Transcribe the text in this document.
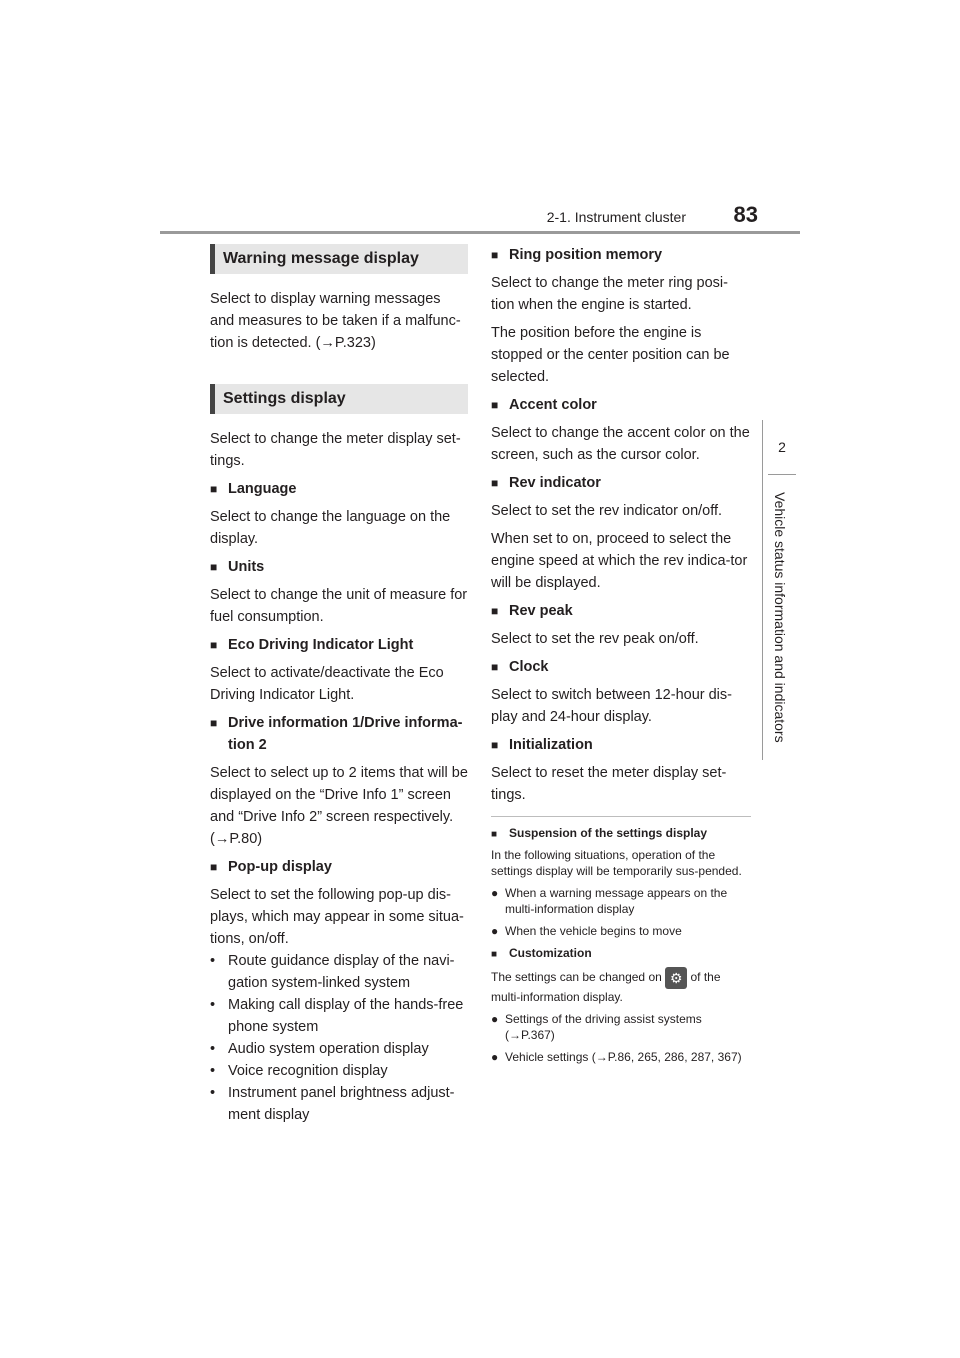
2-1. Instrument cluster 83
2
Vehicle status information and indicators
Warning message display

Select to display warning messages and measures to be taken if a malfunc-tion is detected. (→P.323)

Settings display

Select to change the meter display set-tings.

■
Language

Select to change the language on the display.

■
Units

Select to change the unit of measure for fuel consumption.

■
Eco Driving Indicator Light

Select to activate/deactivate the Eco Driving Indicator Light.

■
Drive information 1/Drive informa-tion 2

Select to select up to 2 items that will be displayed on the “Drive Info 1” screen and “Drive Info 2” screen respectively. (→P.80)

■
Pop-up display

Select to set the following pop-up dis-plays, which may appear in some situa-tions, on/off.

• Route guidance display of the navi-gation system-linked system
• Making call display of the hands-free phone system
• Audio system operation display
• Voice recognition display
• Instrument panel brightness adjust-ment display
■
Ring position memory

Select to change the meter ring posi-tion when the engine is started.

The position before the engine is stopped or the center position can be selected.

■
Accent color

Select to change the accent color on the screen, such as the cursor color.

■
Rev indicator

Select to set the rev indicator on/off.

When set to on, proceed to select the engine speed at which the rev indica-tor will be displayed.

■
Rev peak

Select to set the rev peak on/off.

■
Clock

Select to switch between 12-hour dis-play and 24-hour display.

■
Initialization

Select to reset the meter display set-tings.

■
Suspension of the settings display
In the following situations, operation of the settings display will be temporarily sus-pended.
● When a warning message appears on the multi-information display
● When the vehicle begins to move
■
Customization
The settings can be changed on ⚙ of the multi-information display.
● Settings of the driving assist systems (→P.367)
● Vehicle settings (→P.86, 265, 286, 287, 367)
